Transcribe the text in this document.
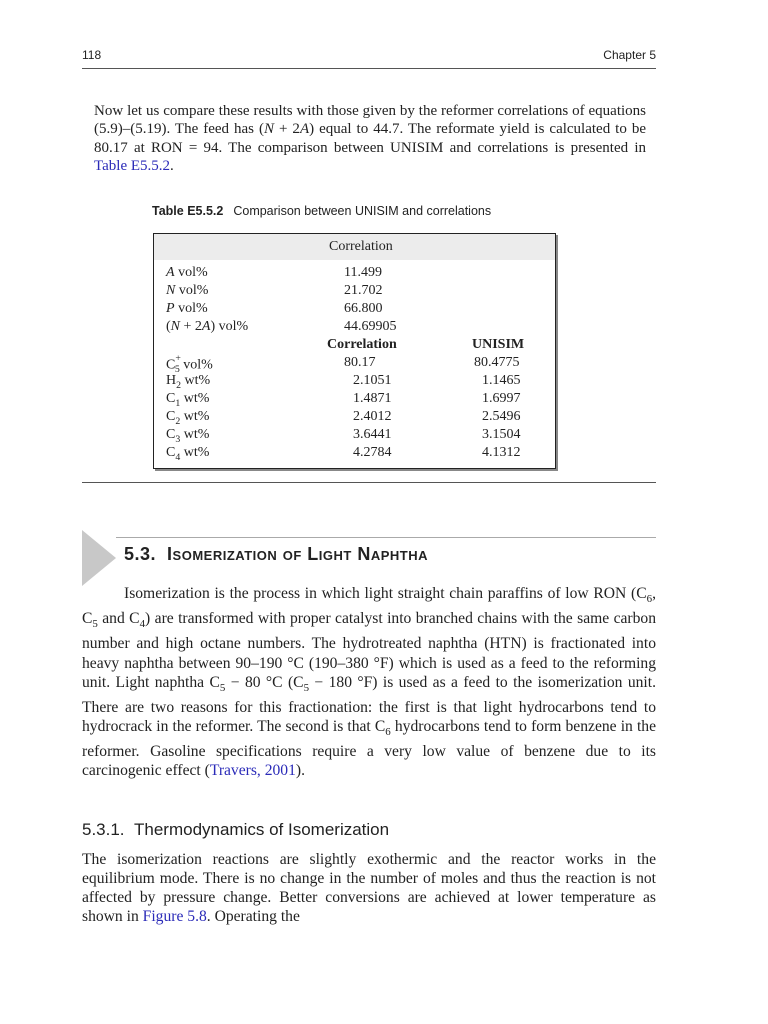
118	Chapter 5

Now let us compare these results with those given by the reformer correlations of equations (5.9)–(5.19). The feed has (N + 2A) equal to 44.7. The reformate yield is calculated to be 80.17 at RON = 94. The comparison between UNISIM and correlations is presented in Table E5.5.2.

Table E5.5.2 Comparison between UNISIM and correlations
Correlation
A vol%	11.499
N vol%	21.702
P vol%	66.800
(N + 2A) vol%	44.69905
Correlation	UNISIM
$C^+_5$ vol%	80.17	80.4775
$H_2$ wt%	2.1051	1.1465
$C_1$ wt%	1.4871	1.6997
$C_2$ wt%	2.4012	2.5496
$C_3$ wt%	3.6441	3.1504
$C_4$ wt%	4.2784	4.1312
5.3. Isomerization of Light Naphtha

Isomerization is the process in which light straight chain paraffins of low RON ($C_6$, $C_5$ and $C_4$) are transformed with proper catalyst into branched chains with the same carbon number and high octane numbers. The hydrotreated naphtha (HTN) is fractionated into heavy naphtha between 90–190 °C (190–380 °F) which is used as a feed to the reforming unit. Light naphtha $C_5 - 80$ °C ($C_5 - 180$ °F) is used as a feed to the isomerization unit. There are two reasons for this fractionation: the first is that light hydrocarbons tend to hydrocrack in the reformer. The second is that $C_6$ hydrocarbons tend to form benzene in the reformer. Gasoline specifications require a very low value of benzene due to its carcinogenic effect (Travers, 2001).

5.3.1. Thermodynamics of Isomerization

The isomerization reactions are slightly exothermic and the reactor works in the equilibrium mode. There is no change in the number of moles and thus the reaction is not affected by pressure change. Better conversions are achieved at lower temperature as shown in Figure 5.8. Operating the
